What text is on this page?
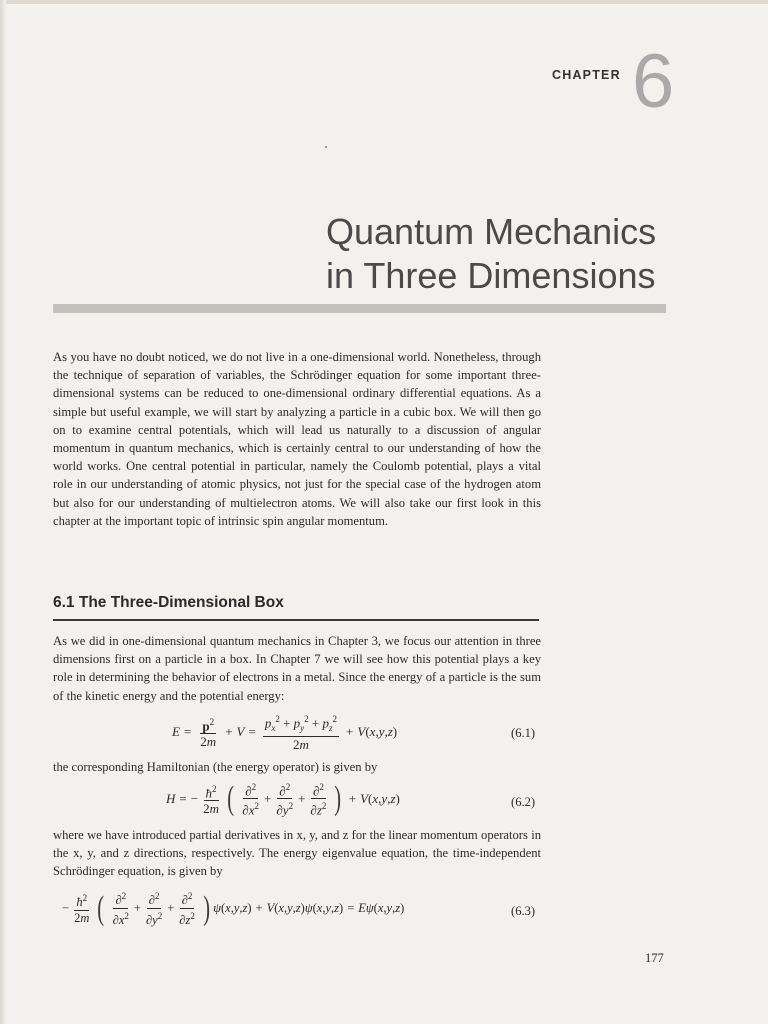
CHAPTER 6
Quantum Mechanics
in Three Dimensions

As you have no doubt noticed, we do not live in a one-dimensional world. Nonetheless, through the technique of separation of variables, the Schrödinger equation for some important three-dimensional systems can be reduced to one-dimensional ordinary differential equations. As a simple but useful example, we will start by analyzing a particle in a cubic box. We will then go on to examine central potentials, which will lead us naturally to a discussion of angular momentum in quantum mechanics, which is certainly central to our understanding of how the world works. One central potential in particular, namely the Coulomb potential, plays a vital role in our understanding of atomic physics, not just for the special case of the hydrogen atom but also for our understanding of multielectron atoms. We will also take our first look in this chapter at the important topic of intrinsic spin angular momentum.

6.1 The Three-Dimensional Box

As we did in one-dimensional quantum mechanics in Chapter 3, we focus our attention in three dimensions first on a particle in a box. In Chapter 7 we will see how this potential plays a key role in determining the behavior of electrons in a metal. Since the energy of a particle is the sum of the kinetic energy and the potential energy:

$E = \frac{p^2}{2m} + V = \frac{p_x^2 + p_y^2 + p_z^2}{2m} + V$ ( x , y , z )	(6.1)

the corresponding Hamiltonian (the energy operator) is given by

H = − $\frac{ħ^2}{2m}$ ( $\frac{\partial^2}{\partial x^2} + \frac{\partial^2}{\partial y^2} + \frac{\partial^2}{\partial z^2}$ ) + V ( x , y , z )	(6.2)

where we have introduced partial derivatives in x, y, and z for the linear momentum operators in the x, y, and z directions, respectively. The energy eigenvalue equation, the time-independent Schrödinger equation, is given by

− $\frac{ħ^2}{2m}$ ( $\frac{\partial^2}{\partial x^2} + \frac{\partial^2}{\partial y^2} + \frac{\partial^2}{\partial z^2}$ ) ψ ( x , y , z ) + V ( x , y , z ) ψ ( x , y , z ) = Eψ ( x , y , z )	(6.3)
177
